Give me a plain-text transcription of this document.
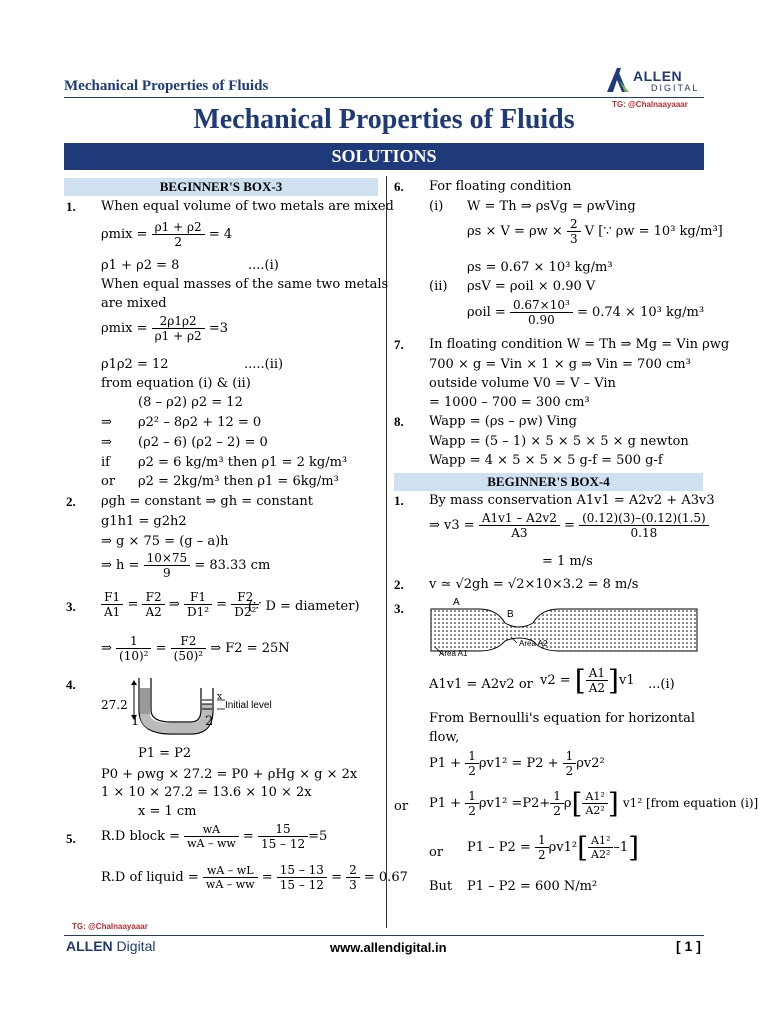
Mechanical Properties of Fluids
ALLEN
DIGITAL
TG: @Chalnaayaaar
Mechanical Properties of Fluids
SOLUTIONS
BEGINNER'S BOX-3
1. When equal volume of two metals are mixed
$\rho mix = \frac{\rho 1 + \rho 2}{2} = 4$
ρ1 + ρ2 = 8	....(i)
When equal masses of the same two metals
are mixed
$\rho mix = \frac{2\rho 1\rho 2}{\rho 1 + \rho 2} =3$
ρ1ρ2 = 12	.....(ii)
from equation (i) & (ii)
(8 – ρ2) ρ2 = 12
⇒ ρ2² – 8ρ2 + 12 = 0
⇒ (ρ2 – 6) (ρ2 – 2) = 0
if ρ2 = 6 kg/m³ then ρ1 = 2 kg/m³
or ρ2 = 2kg/m³ then ρ1 = 6kg/m³
2. ρgh = constant ⇒ gh = constant
g1h1 = g2h2
⇒ g × 75 = (g – a)h
⇒ $h = \frac{10\times 75}{9} = 83.33$ cm
3. $\frac{F1}{A1} = \frac{F2}{A2}$ ⇒ $\frac{F1}{\text{D1²}} = \frac{F2}{\text{D2²}}$
(∵ D = diameter)
⇒ $\frac{1}{\text{(10)²}} = \frac{F2}{\text{(50)²}}$ ⇒ F2 = 25N
4.
27.2
1	2
x
Initial level
P1 = P2
P0 + ρwg × 27.2 = P0 + ρHg × g × 2x
1 × 10 × 27.2 = 13.6 × 10 × 2x
x = 1 cm
5. R.D block = $\frac{wA}{wA - ww} = \frac{15}{15 - 12} =5$
R.D of liquid = $\frac{wA - wL}{wA - ww} = \frac{15 - 13}{15 - 12} = \frac{2}{3} = 0.67$
6. For floating condition
(i) W = Th ⇒ ρsVg = ρwVing
$\rho s \times V = \rho w \times \frac{2}{3}$ V [∵ ρw = 10³ kg/m³]
ρs = 0.67 × 10³ kg/m³
(ii) ρsV = ρoil × 0.90 V
$\rho oil = \frac{\text{0.67×10³}}{0.90} = 0.74 \times 10^3$ kg/m³
7. In floating condition W = Th ⇒ Mg = Vin ρwg
700 × g = Vin × 1 × g ⇒ Vin = 700 cm³
outside volume V0 = V – Vin
= 1000 – 700 = 300 cm³
8. Wapp = (ρs – ρw) Ving
Wapp = (5 – 1) × 5 × 5 × 5 × g newton
Wapp = 4 × 5 × 5 × 5 g-f = 500 g-f
BEGINNER'S BOX-4
1. By mass conservation A1v1 = A2v2 + A3v3
⇒ $v3 = \frac{A1v1 - A2v2}{A3} = \frac{(0.12)(3)-(0.12)(1.5)}{0.18}$
= 1 m/s
2. v ≃ √2gh = √2×10×3.2 = 8 m/s
3.	A
B
Area A1
Area A2
A1v1 = A2v2 or v2 = [ $\frac{A1}{A2} ]v1$ ...(i)
From Bernoulli's equation for horizontal
flow,
$P1 + \frac{1}{2} \rho v1^2 = P2 + \frac{1}{2} \rho v2^2$
or $P1 + \frac{1}{2} \rho v1^2 =P2+ \frac{1}{2} \rho[ \frac{\text{A1²}}{\text{A2²}}$ ] v1² [from equation (i)]
or $P1 - P2 = \frac{1}{2} \rho v1^2[ \frac{\text{A1²}}{\text{A2²}} -1]$
But P1 – P2 = 600 N/m²
TG: @Chalnaayaaar
ALLEN Digital	www.allendigital.in	[ 1 ]
